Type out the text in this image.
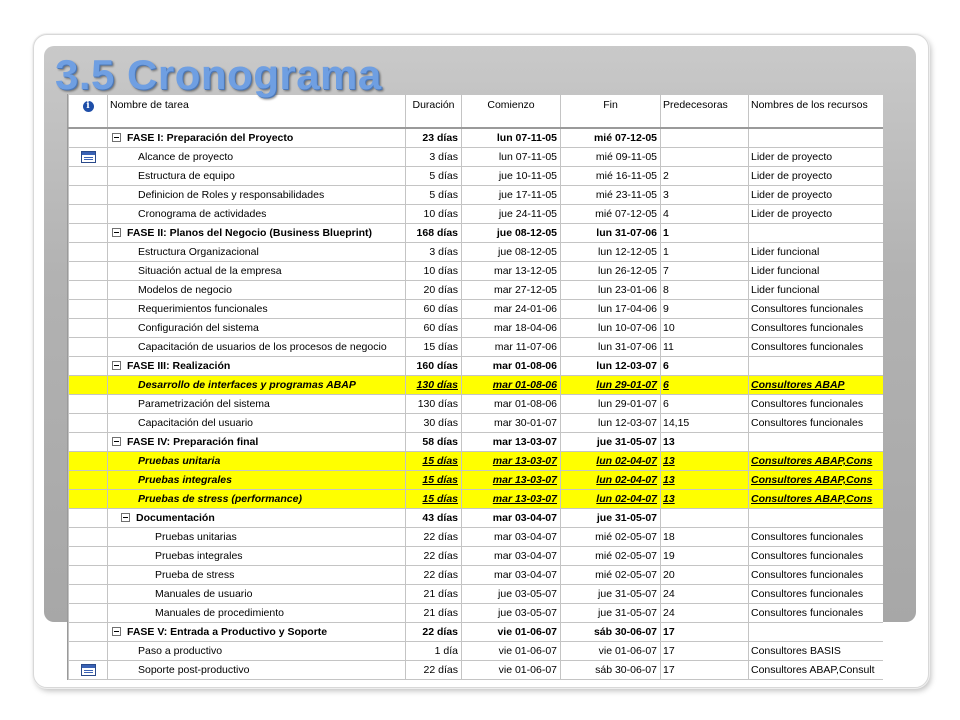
i	Nombre de tarea	Duración	Comienzo	Fin	Predecesoras	Nombres de los recursos
	FASE I: Preparación del Proyecto	23 días	lun 07-11-05	mié 07-12-05		
	Alcance de proyecto	3 días	lun 07-11-05	mié 09-11-05		Lider de proyecto
	Estructura de equipo	5 días	jue 10-11-05	mié 16-11-05	2	Lider de proyecto
	Definicion de Roles y responsabilidades	5 días	jue 17-11-05	mié 23-11-05	3	Lider de proyecto
	Cronograma de actividades	10 días	jue 24-11-05	mié 07-12-05	4	Lider de proyecto
	FASE II: Planos del Negocio (Business Blueprint)	168 días	jue 08-12-05	lun 31-07-06	1	
	Estructura Organizacional	3 días	jue 08-12-05	lun 12-12-05	1	Lider funcional
	Situación actual de la empresa	10 días	mar 13-12-05	lun 26-12-05	7	Lider funcional
	Modelos de negocio	20 días	mar 27-12-05	lun 23-01-06	8	Lider funcional
	Requerimientos funcionales	60 días	mar 24-01-06	lun 17-04-06	9	Consultores funcionales
	Configuración del sistema	60 días	mar 18-04-06	lun 10-07-06	10	Consultores funcionales
	Capacitación de usuarios de los procesos de negocio	15 días	mar 11-07-06	lun 31-07-06	11	Consultores funcionales
	FASE III: Realización	160 días	mar 01-08-06	lun 12-03-07	6	
	Desarrollo de interfaces y programas ABAP	130 días	mar 01-08-06	lun 29-01-07	6	Consultores ABAP
	Parametrización del sistema	130 días	mar 01-08-06	lun 29-01-07	6	Consultores funcionales
	Capacitación del usuario	30 días	mar 30-01-07	lun 12-03-07	14,15	Consultores funcionales
	FASE IV: Preparación final	58 días	mar 13-03-07	jue 31-05-07	13	
	Pruebas unitaria	15 días	mar 13-03-07	lun 02-04-07	13	Consultores ABAP,Cons
	Pruebas integrales	15 días	mar 13-03-07	lun 02-04-07	13	Consultores ABAP,Cons
	Pruebas de stress (performance)	15 días	mar 13-03-07	lun 02-04-07	13	Consultores ABAP,Cons
	Documentación	43 días	mar 03-04-07	jue 31-05-07		
	Pruebas unitarias	22 días	mar 03-04-07	mié 02-05-07	18	Consultores funcionales
	Pruebas integrales	22 días	mar 03-04-07	mié 02-05-07	19	Consultores funcionales
	Prueba de stress	22 días	mar 03-04-07	mié 02-05-07	20	Consultores funcionales
	Manuales de usuario	21 días	jue 03-05-07	jue 31-05-07	24	Consultores funcionales
	Manuales de procedimiento	21 días	jue 03-05-07	jue 31-05-07	24	Consultores funcionales
	FASE V: Entrada a Productivo y Soporte	22 días	vie 01-06-07	sáb 30-06-07	17	
	Paso a productivo	1 día	vie 01-06-07	vie 01-06-07	17	Consultores BASIS
	Soporte post-productivo	22 días	vie 01-06-07	sáb 30-06-07	17	Consultores ABAP,Consult
3.5 Cronograma
